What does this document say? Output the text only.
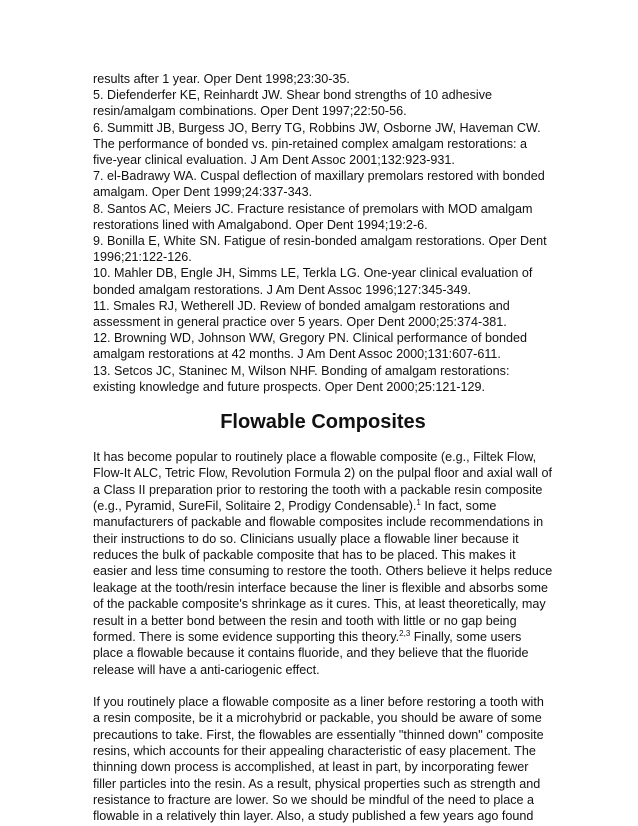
results after 1 year. Oper Dent 1998;23:30-35.

5. Diefenderfer KE, Reinhardt JW. Shear bond strengths of 10 adhesive resin/amalgam combinations. Oper Dent 1997;22:50-56.

6. Summitt JB, Burgess JO, Berry TG, Robbins JW, Osborne JW, Haveman CW. The performance of bonded vs. pin-retained complex amalgam restorations: a five-year clinical evaluation. J Am Dent Assoc 2001;132:923-931.

7. el-Badrawy WA. Cuspal deflection of maxillary premolars restored with bonded amalgam. Oper Dent 1999;24:337-343.

8. Santos AC, Meiers JC. Fracture resistance of premolars with MOD amalgam restorations lined with Amalgabond. Oper Dent 1994;19:2-6.

9. Bonilla E, White SN. Fatigue of resin-bonded amalgam restorations. Oper Dent 1996;21:122-126.

10. Mahler DB, Engle JH, Simms LE, Terkla LG. One-year clinical evaluation of bonded amalgam restorations. J Am Dent Assoc 1996;127:345-349.

11. Smales RJ, Wetherell JD. Review of bonded amalgam restorations and assessment in general practice over 5 years. Oper Dent 2000;25:374-381.

12. Browning WD, Johnson WW, Gregory PN. Clinical performance of bonded amalgam restorations at 42 months. J Am Dent Assoc 2000;131:607-611.

13. Setcos JC, Staninec M, Wilson NHF. Bonding of amalgam restorations: existing knowledge and future prospects. Oper Dent 2000;25:121-129.

Flowable Composites

It has become popular to routinely place a flowable composite (e.g., Filtek Flow, Flow-It ALC, Tetric Flow, Revolution Formula 2) on the pulpal floor and axial wall of a Class II preparation prior to restoring the tooth with a packable resin composite (e.g., Pyramid, SureFil, Solitaire 2, Prodigy Condensable).$^1$ In fact, some manufacturers of packable and flowable composites include recommendations in their instructions to do so. Clinicians usually place a flowable liner because it reduces the bulk of packable composite that has to be placed. This makes it easier and less time consuming to restore the tooth. Others believe it helps reduce leakage at the tooth/resin interface because the liner is flexible and absorbs some of the packable composite's shrinkage as it cures. This, at least theoretically, may result in a better bond between the resin and tooth with little or no gap being formed. There is some evidence supporting this theory.$^{2,3}$ Finally, some users place a flowable because it contains fluoride, and they believe that the fluoride release will have a anti-cariogenic effect.

If you routinely place a flowable composite as a liner before restoring a tooth with a resin composite, be it a microhybrid or packable, you should be aware of some precautions to take. First, the flowables are essentially "thinned down" composite resins, which accounts for their appealing characteristic of easy placement. The thinning down process is accomplished, at least in part, by incorporating fewer filler particles into the resin. As a result, physical properties such as strength and resistance to fracture are lower. So we should be mindful of the need to place a flowable in a relatively thin layer. Also, a study published a few years ago found
